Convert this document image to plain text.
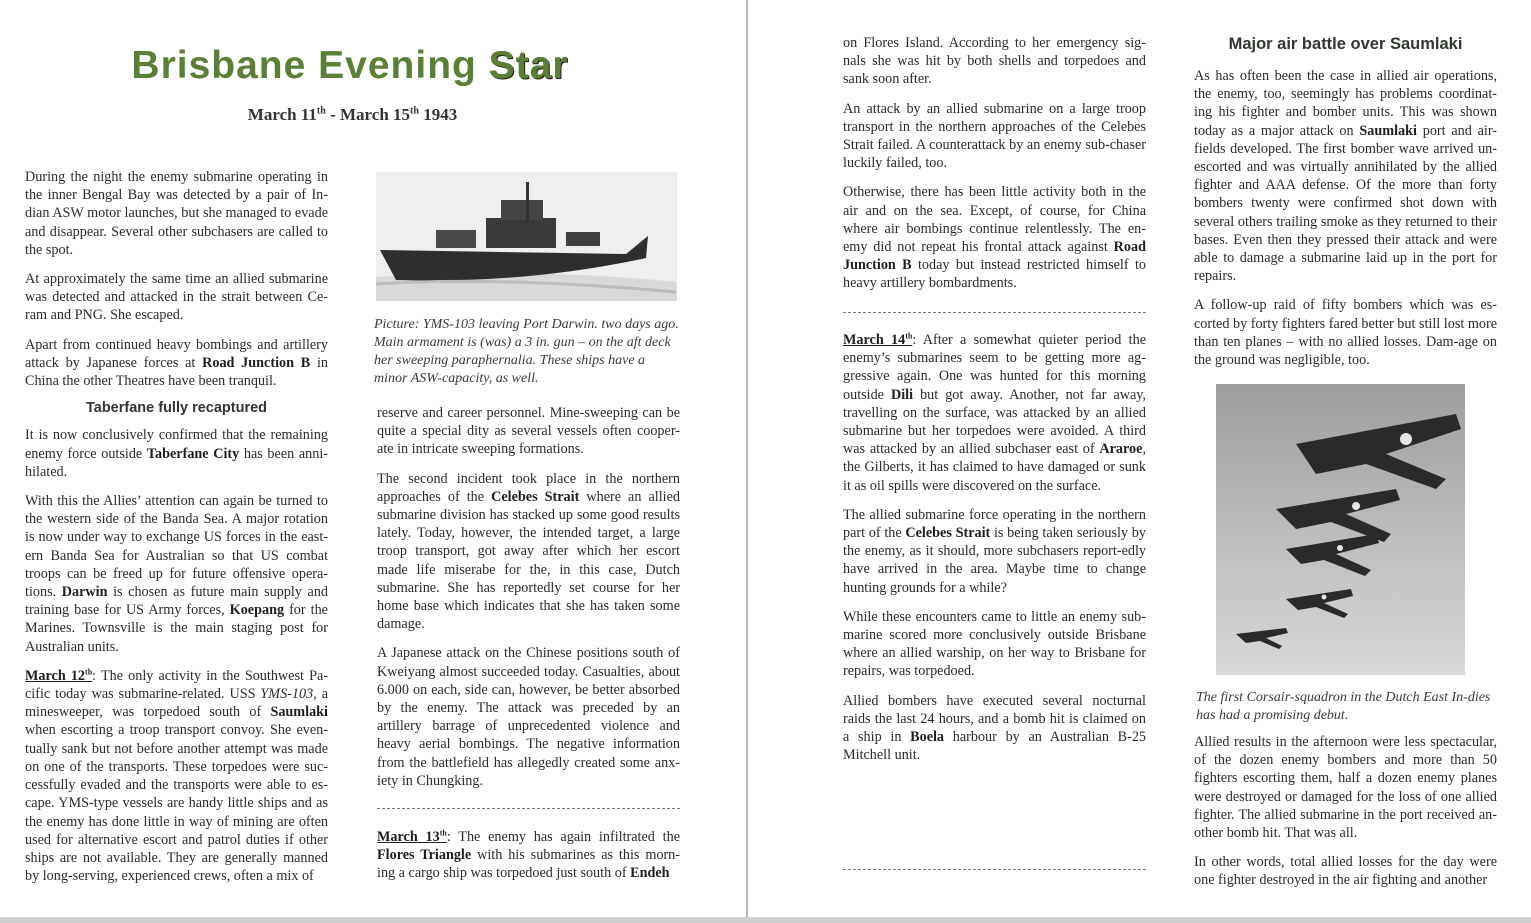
Brisbane Evening Star
March 11th - March 15th 1943

During the night the enemy submarine operating in the inner Bengal Bay was detected by a pair of In-dian ASW motor launches, but she managed to evade and disappear. Several other subchasers are called to the spot.

At approximately the same time an allied submarine was detected and attacked in the strait between Ce-ram and PNG. She escaped.

Apart from continued heavy bombings and artillery attack by Japanese forces at Road Junction B in China the other Theatres have been tranquil.

Taberfane fully recaptured

It is now conclusively confirmed that the remaining enemy force outside Taberfane City has been anni-hilated.

With this the Allies’ attention can again be turned to the western side of the Banda Sea. A major rotation is now under way to exchange US forces in the east-ern Banda Sea for Australian so that US combat troops can be freed up for future offensive opera-tions. Darwin is chosen as future main supply and training base for US Army forces, Koepang for the Marines. Townsville is the main staging post for Australian units.

March 12th: The only activity in the Southwest Pa-cific today was submarine-related. USS YMS-103, a minesweeper, was torpedoed south of Saumlaki when escorting a troop transport convoy. She even-tually sank but not before another attempt was made on one of the transports. These torpedoes were suc-cessfully evaded and the transports were able to es-cape. YMS-type vessels are handy little ships and as the enemy has done little in way of mining are often used for alternative escort and patrol duties if other ships are not available. They are generally manned by long-serving, experienced crews, often a mix of

Picture: YMS-103 leaving Port Darwin. two days ago. Main armament is (was) a 3 in. gun – on the aft deck her sweeping paraphernalia. These ships have a minor ASW-capacity, as well.

reserve and career personnel. Mine-sweeping can be quite a special dity as several vessels often cooper-ate in intricate sweeping formations.

The second incident took place in the northern approaches of the Celebes Strait where an allied submarine division has stacked up some good results lately. Today, however, the intended target, a large troop transport, got away after which her escort made life miserabe for the, in this case, Dutch submarine. She has reportedly set course for her home base which indicates that she has taken some damage.

A Japanese attack on the Chinese positions south of Kweiyang almost succeeded today. Casualties, about 6.000 on each, side can, however, be better absorbed by the enemy. The attack was preceded by an artillery barrage of unprecedented violence and heavy aerial bombings. The negative information from the battlefield has allegedly created some anx-iety in Chungking.

March 13th: The enemy has again infiltrated the Flores Triangle with his submarines as this morn-ing a cargo ship was torpedoed just south of Endeh

on Flores Island. According to her emergency sig-nals she was hit by both shells and torpedoes and sank soon after.

An attack by an allied submarine on a large troop transport in the northern approaches of the Celebes Strait failed. A counterattack by an enemy sub-chaser luckily failed, too.

Otherwise, there has been little activity both in the air and on the sea. Except, of course, for China where air bombings continue relentlessly. The en-emy did not repeat his frontal attack against Road Junction B today but instead restricted himself to heavy artillery bombardments.

March 14th: After a somewhat quieter period the enemy’s submarines seem to be getting more ag-gressive again. One was hunted for this morning outside Dili but got away. Another, not far away, travelling on the surface, was attacked by an allied submarine but her torpedoes were avoided. A third was attacked by an allied subchaser east of Araroe, the Gilberts, it has claimed to have damaged or sunk it as oil spills were discovered on the surface.

The allied submarine force operating in the northern part of the Celebes Strait is being taken seriously by the enemy, as it should, more subchasers report-edly have arrived in the area. Maybe time to change hunting grounds for a while?

While these encounters came to little an enemy sub-marine scored more conclusively outside Brisbane where an allied warship, on her way to Brisbane for repairs, was torpedoed.

Allied bombers have executed several nocturnal raids the last 24 hours, and a bomb hit is claimed on a ship in Boela harbour by an Australian B-25 Mitchell unit.

Major air battle over Saumlaki

As has often been the case in allied air operations, the enemy, too, seemingly has problems coordinat-ing his fighter and bomber units. This was shown today as a major attack on Saumlaki port and air-fields developed. The first bomber wave arrived un-escorted and was virtually annihilated by the allied fighter and AAA defense. Of the more than forty bombers twenty were confirmed shot down with several others trailing smoke as they returned to their bases. Even then they pressed their attack and were able to damage a submarine laid up in the port for repairs.

A follow-up raid of fifty bombers which was es-corted by forty fighters fared better but still lost more than ten planes – with no allied losses. Dam-age on the ground was negligible, too.

The first Corsair-squadron in the Dutch East In-dies has had a promising debut.

Allied results in the afternoon were less spectacular, of the dozen enemy bombers and more than 50 fighters escorting them, half a dozen enemy planes were destroyed or damaged for the loss of one allied fighter. The allied submarine in the port received an-other bomb hit. That was all.

In other words, total allied losses for the day were one fighter destroyed in the air fighting and another
